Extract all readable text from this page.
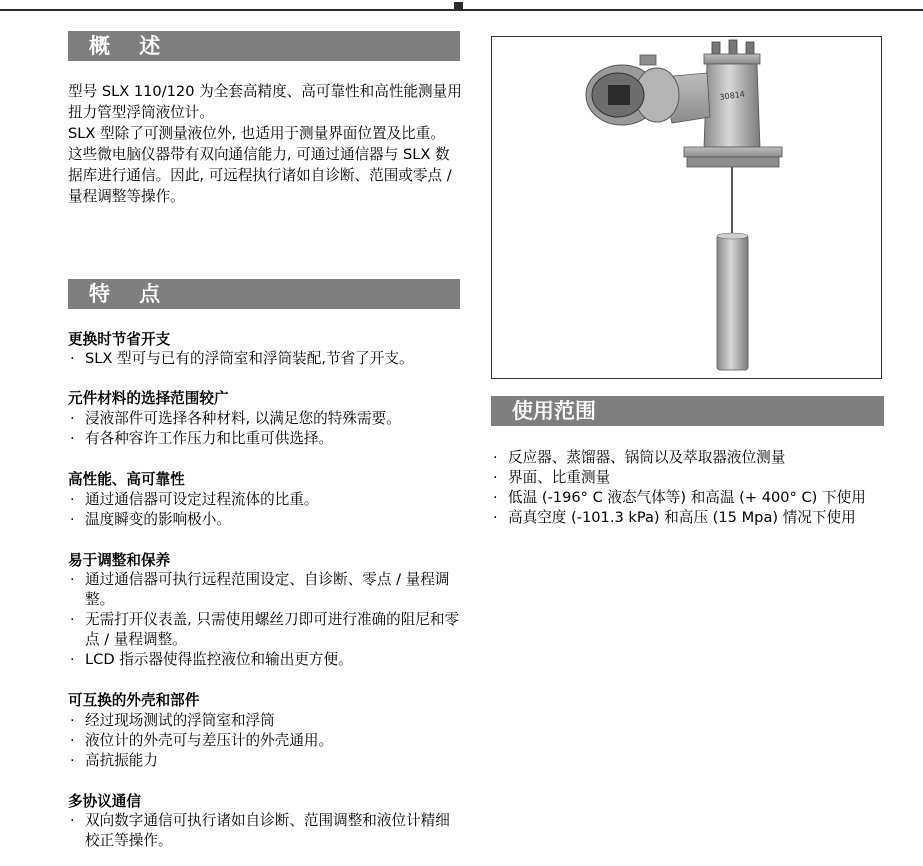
概    述

型号 SLX 110/120 为全套高精度、高可靠性和高性能测量用扭力管型浮筒液位计。

SLX 型除了可测量液位外, 也适用于测量界面位置及比重。

这些微电脑仪器带有双向通信能力, 可通过通信器与 SLX 数据库进行通信。因此, 可远程执行诸如自诊断、范围或零点 / 量程调整等操作。

特    点
更换时节省开支
· SLX 型可与已有的浮筒室和浮筒装配,节省了开支。
元件材料的选择范围较广
· 浸液部件可选择各种材料, 以满足您的特殊需要。
· 有各种容许工作压力和比重可供选择。
高性能、高可靠性
· 通过通信器可设定过程流体的比重。
· 温度瞬变的影响极小。
易于调整和保养
· 通过通信器可执行远程范围设定、自诊断、零点 / 量程调整。
· 无需打开仪表盖, 只需使用螺丝刀即可进行准确的阻尼和零点 / 量程调整。
· LCD 指示器使得监控液位和输出更方便。
可互换的外壳和部件
· 经过现场测试的浮筒室和浮筒
· 液位计的外壳可与差压计的外壳通用。
· 高抗振能力
多协议通信
· 双向数字通信可执行诸如自诊断、范围调整和液位计精细校正等操作。
30814
使用范围
· 反应器、蒸馏器、锅筒以及萃取器液位测量
· 界面、比重测量
· 低温 (-196° C 液态气体等) 和高温 (+ 400° C) 下使用
· 高真空度 (-101.3 kPa) 和高压 (15 Mpa) 情况下使用
